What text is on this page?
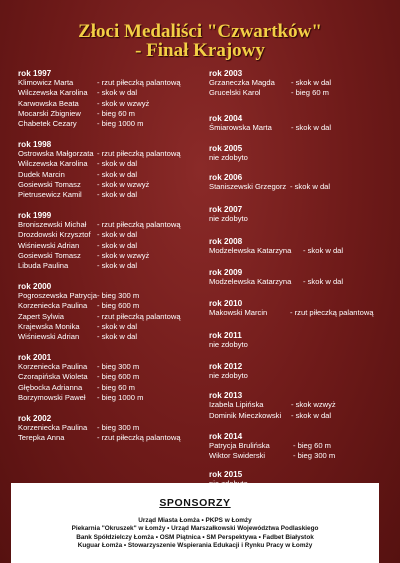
Złoci Medaliści "Czwartków"
- Finał Krajowy
rok 1997
Klimowicz Marta	- rzut piłeczką palantową
Wilczewska Karolina - skok w dal
Karwowska Beata - skok w wzwyż
Mocarski Zbigniew - bieg 60 m
Chabetek Cezary	- bieg 1000 m
rok 1998
Ostrowska Małgorzata - rzut piłeczką palantową
Wilczewska Karolina - skok w dal
Dudek Marcin	- skok w dal
Gosiewski Tomasz - skok w wzwyż
Pietrusewicz Kamil - skok w dal
rok 1999
Broniszewski Michał - rzut piłeczką palantową
Drozdowski Krzysztof - skok w dal
Wiśniewski Adrian - skok w dal
Gosiewski Tomasz - skok w wzwyż
Libuda Paulina	- skok w dal
rok 2000
Pogroszewska Patrycja - bieg 300 m
Korzeniecka Paulina - bieg 600 m
Zapert Sylwia	- rzut piłeczką palantową
Krajewska Monika - skok w dal
Wiśniewski Adrian - skok w dal
rok 2001
Korzeniecka Paulina - bieg 300 m
Czorapińska Wioleta - bieg 600 m
Głębocka Adrianna - bieg 60 m
Borzymowski Paweł - bieg 1000 m
rok 2002
Korzeniecka Paulina - bieg 300 m
Terepka Anna	- rzut piłeczką palantową
rok 2003
Grzaneczka Magda - skok w dal
Grucelski Karol	- bieg 60 m
rok 2004
Śmiarowska Marta	- skok w dal
rok 2005
nie zdobyto
rok 2006
Staniszewski Grzegorz - skok w dal
rok 2007
nie zdobyto
rok 2008
Modzelewska Katarzyna - skok w dal
rok 2009
Modzelewska Katarzyna - skok w dal
rok 2010
Makowski Marcin	- rzut piłeczką palantową
rok 2011
nie zdobyto
rok 2012
nie zdobyto
rok 2013
Izabela Lipińska	- skok wzwyż
Dominik Mieczkowski - skok w dal
rok 2014
Patrycja Brulińska	- bieg 60 m
Wiktor Swiderski	- bieg 300 m
rok 2015
SPONSORZY
Urząd Miasta Łomża • PKPS w Łomży
Piekarnia "Okruszek" w Łomży • Urząd Marszałkowski Województwa Podlaskiego
Bank Spółdzielczy Łomża • OSM Piątnica • SM Perspektywa • Fadbet Białystok
Kuguar Łomża • Stowarzyszenie Wspierania Edukacji i Rynku Pracy w Łomży
